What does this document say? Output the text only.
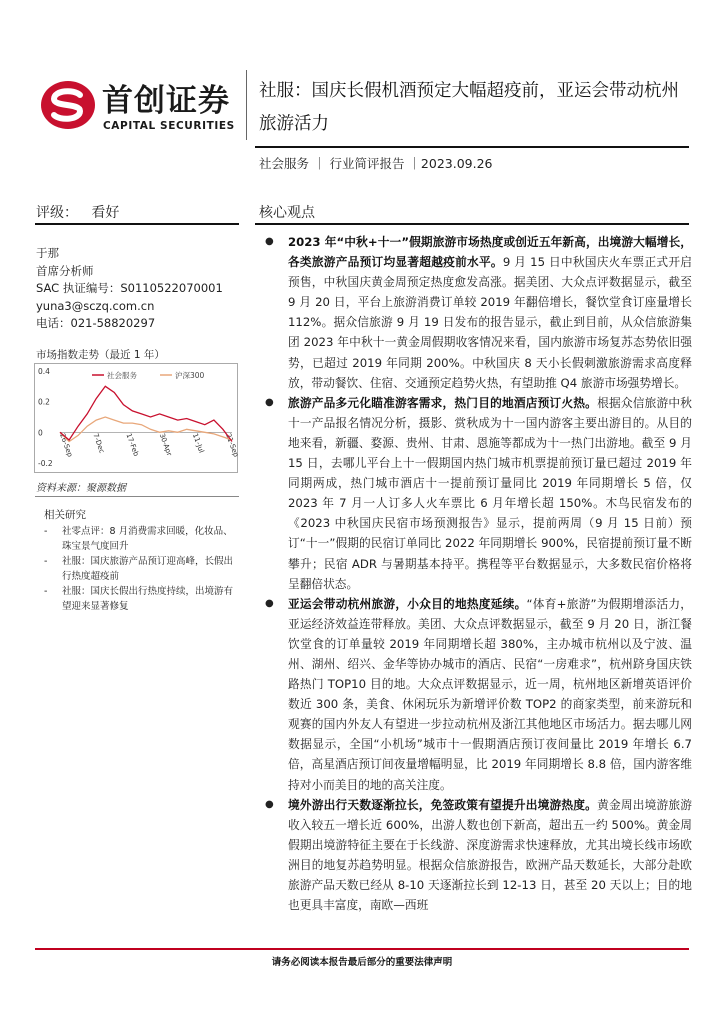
首创证券
CAPITAL SECURITIES
社服：国庆长假机酒预定大幅超疫前，亚运会带动杭州旅游活力
社会服务 ｜ 行业简评报告 ｜2023.09.26
评级： 看好	核心观点
于那
首席分析师
SAC 执证编号：S0110522070001
yuna3@sczq.com.cn
电话：021-58820297
市场指数走势（最近 1 年）
0.4
0.2
0
-0.2
26-Sep 7-Dec	17-Feb	30-Apr	11-Jul	21-Sep
社会服务	沪深300
资料来源：聚源数据
相关研究
- 社零点评：8 月消费需求回暖，化妆品、珠宝景气度回升
- 社服：国庆旅游产品预订迎高峰，长假出行热度超疫前
- 社服：国庆长假出行热度持续，出境游有望迎来显著修复
● 2023 年“中秋+十一”假期旅游市场热度或创近五年新高，出境游大幅增长，各类旅游产品预订均显著超越疫前水平。9 月 15 日中秋国庆火车票正式开启预售，中秋国庆黄金周预定热度愈发高涨。据美团、大众点评数据显示，截至 9 月 20 日，平台上旅游消费订单较 2019 年翻倍增长，餐饮堂食订座量增长 112%。据众信旅游 9 月 19 日发布的报告显示，截止到目前，从众信旅游集团 2023 年中秋十一黄金周假期收客情况来看，国内旅游市场复苏态势依旧强势，已超过 2019 年同期 200%。中秋国庆 8 天小长假刺激旅游需求高度释放，带动餐饮、住宿、交通预定趋势火热，有望助推 Q4 旅游市场强势增长。
● 旅游产品多元化瞄准游客需求，热门目的地酒店预订火热。根据众信旅游中秋十一产品报名情况分析，摄影、赏秋成为十一国内游客主要出游目的。从目的地来看，新疆、婺源、贵州、甘肃、恩施等都成为十一热门出游地。截至 9 月 15 日，去哪儿平台上十一假期国内热门城市机票提前预订量已超过 2019 年同期两成，热门城市酒店十一提前预订量同比 2019 年同期增长 5 倍，仅 2023 年 7 月一人订多人火车票比 6 月年增长超 150%。木鸟民宿发布的《2023 中秋国庆民宿市场预测报告》显示，提前两周（9 月 15 日前）预订“十一”假期的民宿订单同比 2022 年同期增长 900%，民宿提前预订量不断攀升；民宿 ADR 与暑期基本持平。携程等平台数据显示，大多数民宿价格将呈翻倍状态。
● 亚运会带动杭州旅游，小众目的地热度延续。“体育+旅游”为假期增添活力，亚运经济效益连带释放。美团、大众点评数据显示，截至 9 月 20 日，浙江餐饮堂食的订单量较 2019 年同期增长超 380%，主办城市杭州以及宁波、温州、湖州、绍兴、金华等协办城市的酒店、民宿“一房难求”，杭州跻身国庆铁路热门 TOP10 目的地。大众点评数据显示，近一周，杭州地区新增英语评价数近 300 条，美食、休闲玩乐为新增评价数 TOP2 的商家类型，前来游玩和观赛的国内外友人有望进一步拉动杭州及浙江其他地区市场活力。据去哪儿网数据显示，全国“小机场”城市十一假期酒店预订夜间量比 2019 年增长 6.7 倍，高星酒店预订间夜量增幅明显，比 2019 年同期增长 8.8 倍，国内游客维持对小而美目的地的高关注度。
● 境外游出行天数逐渐拉长，免签政策有望提升出境游热度。黄金周出境游旅游收入较五一增长近 600%，出游人数也创下新高，超出五一约 500%。黄金周假期出境游特征主要在于长线游、深度游需求快速释放，尤其出境长线市场欧洲目的地复苏趋势明显。根据众信旅游报告，欧洲产品天数延长，大部分赴欧旅游产品天数已经从 8-10 天逐渐拉长到 12-13 日，甚至 20 天以上；目的地也更具丰富度，南欧—西班
请务必阅读本报告最后部分的重要法律声明
